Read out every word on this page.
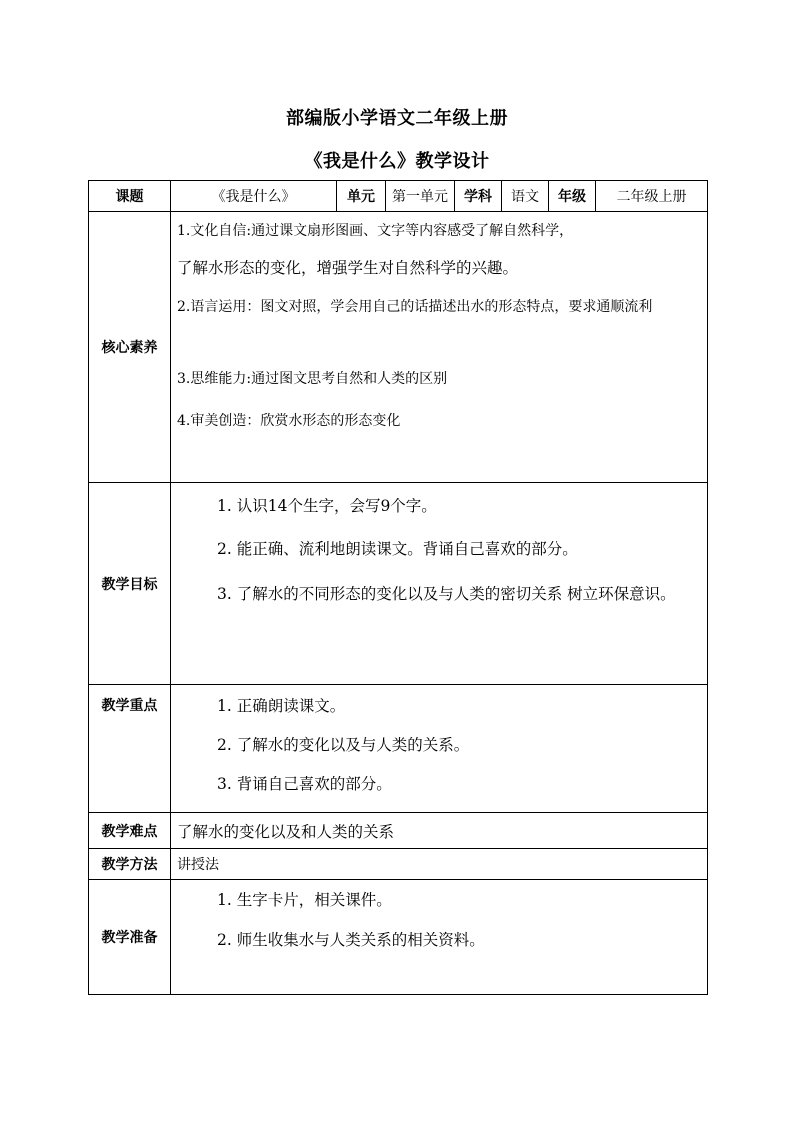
部编版小学语文二年级上册
《我是什么》教学设计
课题	《我是什么》	单元	第一单元	学科	语文	年级	二年级上册
核心素养	1.文化自信:通过课文扇形图画、文字等内容感受了解自然科学，
了解水形态的变化，增强学生对自然科学的兴趣。
2.语言运用：图文对照，学会用自己的话描述出水的形态特点，要求通顺流利
3.思维能力:通过图文思考自然和人类的区别
4.审美创造：欣赏水形态的形态变化						

教学目标	1. 认识14个生字，会写9个字。
2. 能正确、流利地朗读课文。背诵自己喜欢的部分。
3. 了解水的不同形态的变化以及与人类的密切关系 树立环保意识。						

教学重点	1. 正确朗读课文。
2. 了解水的变化以及与人类的关系。
3. 背诵自己喜欢的部分。						

教学难点	了解水的变化以及和人类的关系						
教学方法	讲授法						
教学准备	1. 生字卡片，相关课件。
2. 师生收集水与人类关系的相关资料。						
